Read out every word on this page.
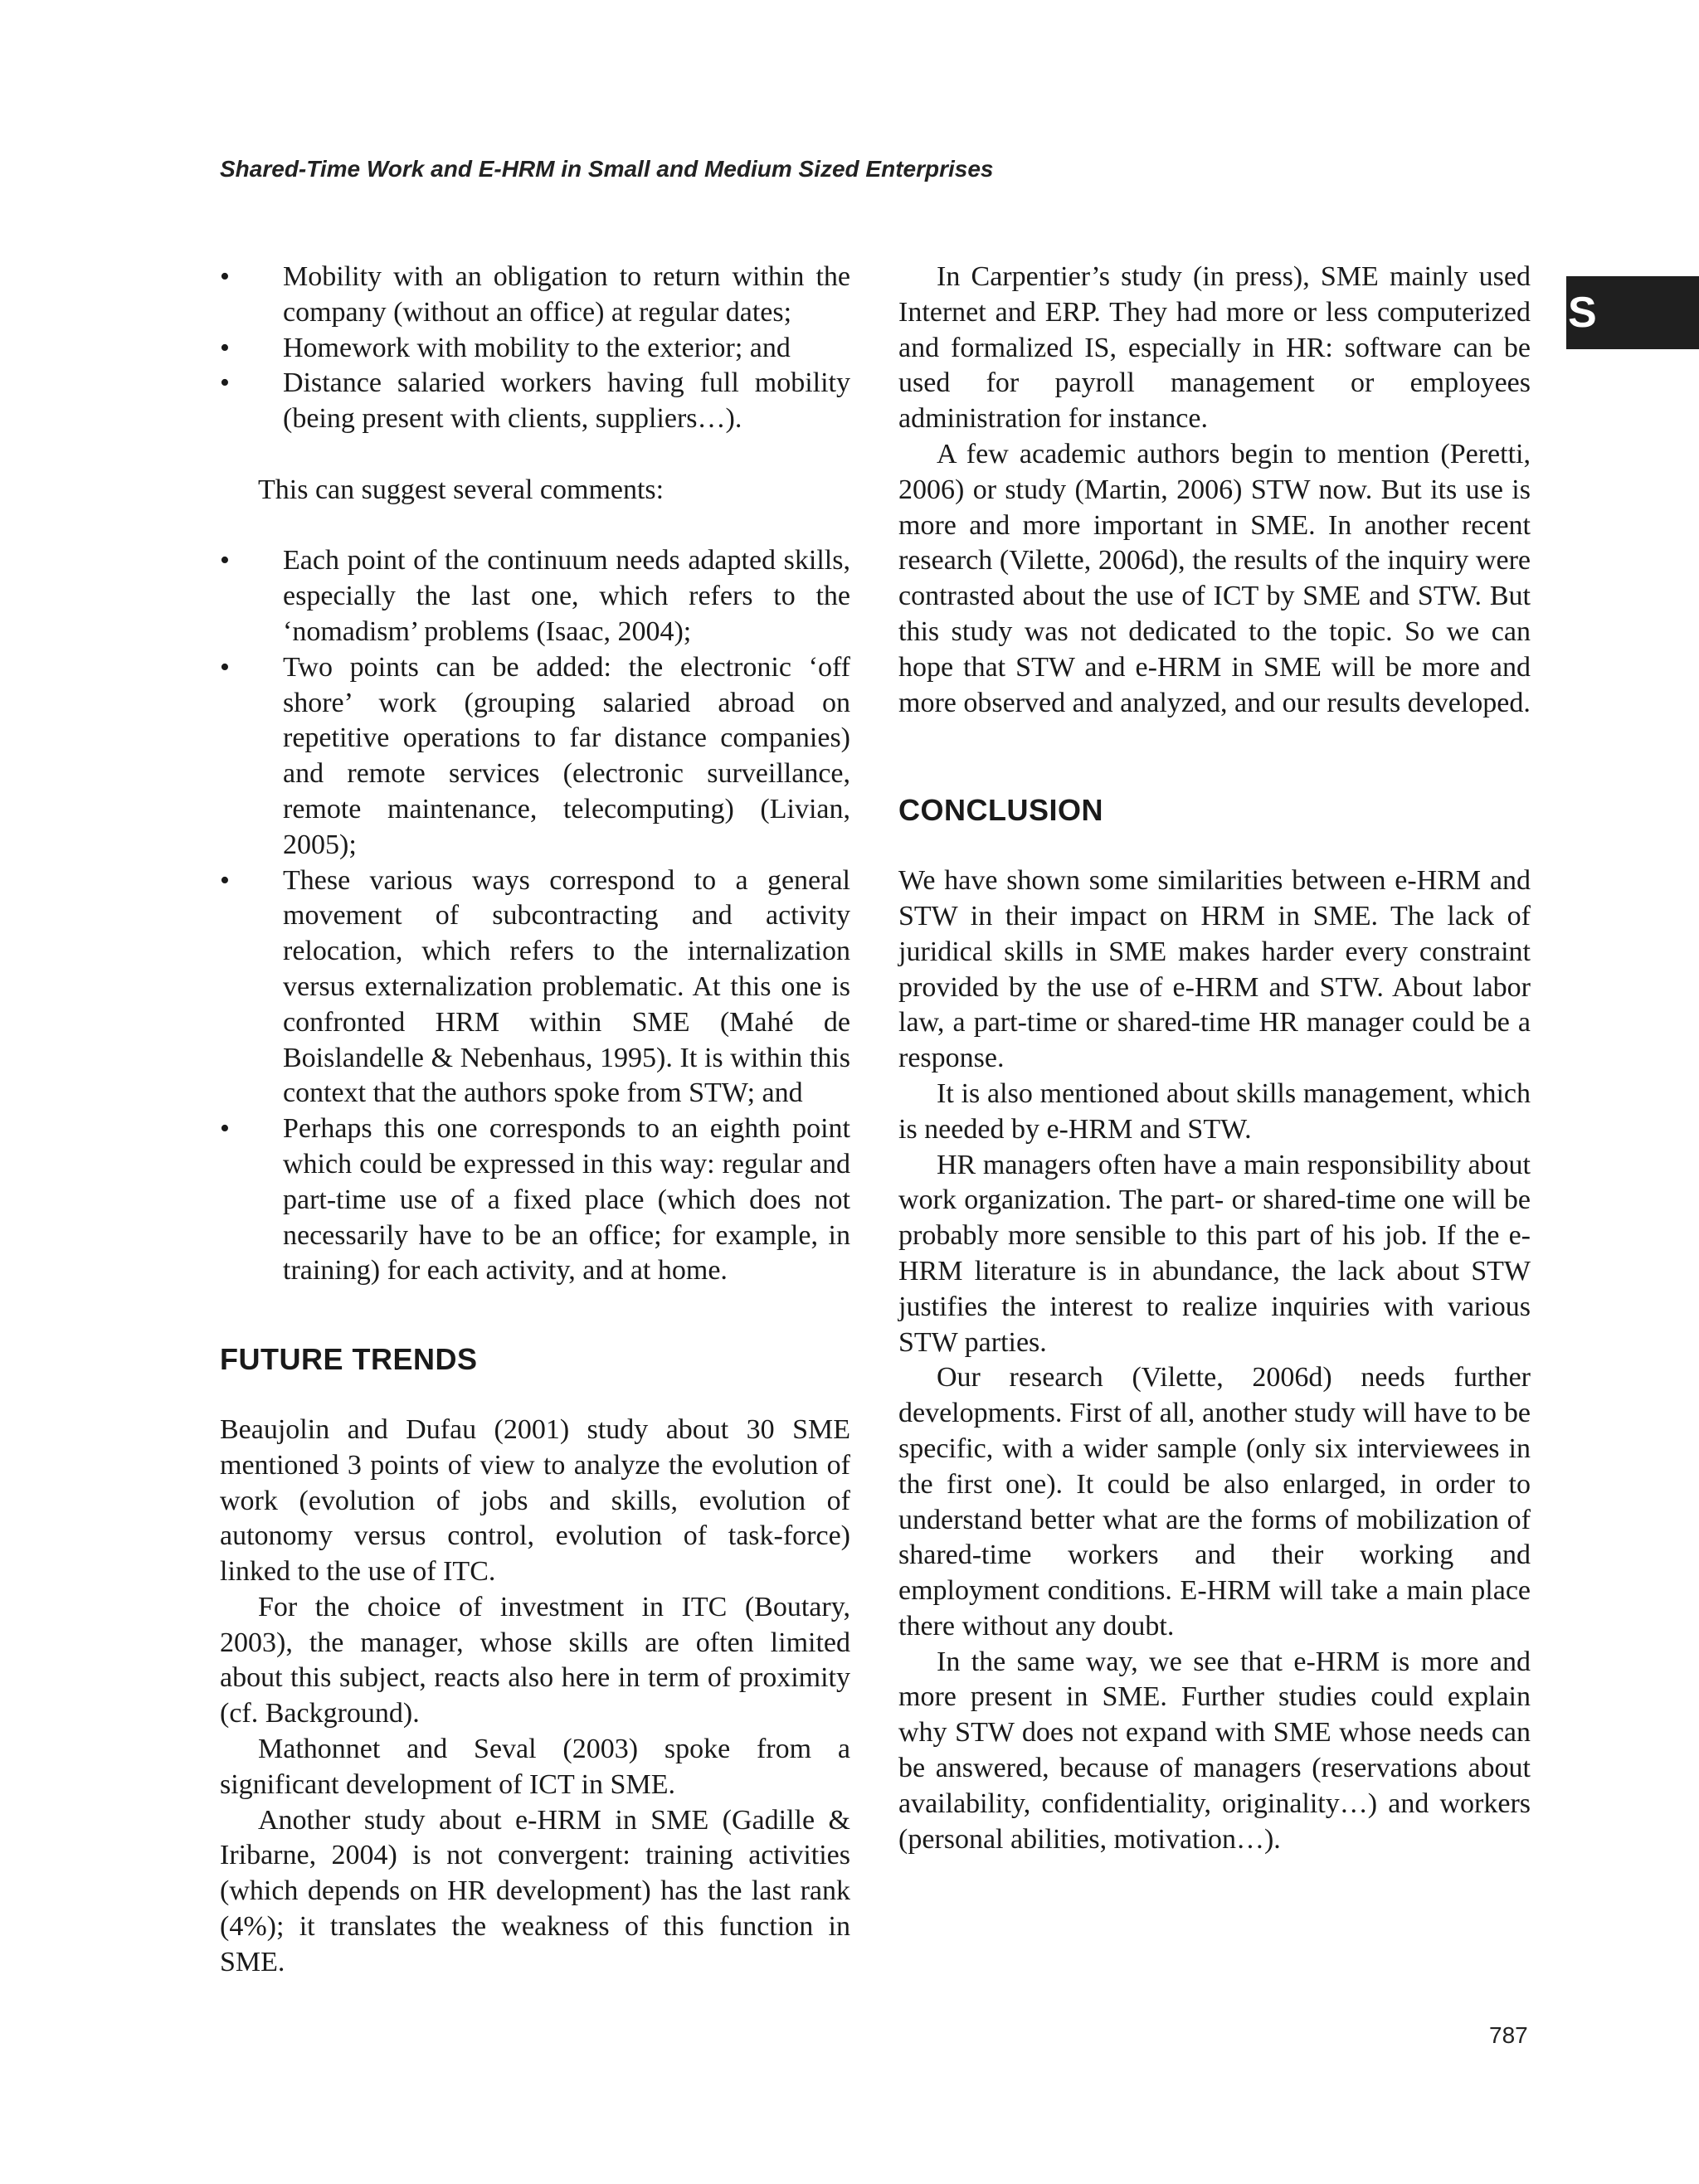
Shared-Time Work and E-HRM in Small and Medium Sized Enterprises
S
• Mobility with an obligation to return within the company (without an office) at regular dates;
• Homework with mobility to the exterior; and
• Distance salaried workers having full mobility (being present with clients, suppliers…).

This can suggest several comments:

• Each point of the continuum needs adapted skills, especially the last one, which refers to the ‘nomadism’ problems (Isaac, 2004);
• Two points can be added: the electronic ‘off shore’ work (grouping salaried abroad on repetitive operations to far distance companies) and remote services (electronic surveillance, remote maintenance, telecomputing) (Livian, 2005);
• These various ways correspond to a general movement of subcontracting and activity relocation, which refers to the internalization versus externalization problematic. At this one is confronted HRM within SME (Mahé de Boislandelle & Nebenhaus, 1995). It is within this context that the authors spoke from STW; and
• Perhaps this one corresponds to an eighth point which could be expressed in this way: regular and part-time use of a fixed place (which does not necessarily have to be an office; for example, in training) for each activity, and at home.
FUTURE TRENDS

Beaujolin and Dufau (2001) study about 30 SME mentioned 3 points of view to analyze the evolution of work (evolution of jobs and skills, evolution of autonomy versus control, evolution of task-force) linked to the use of ITC.

For the choice of investment in ITC (Boutary, 2003), the manager, whose skills are often limited about this subject, reacts also here in term of proximity (cf. Background).

Mathonnet and Seval (2003) spoke from a significant development of ICT in SME.

Another study about e-HRM in SME (Gadille & Iribarne, 2004) is not convergent: training activities (which depends on HR development) has the last rank (4%); it translates the weakness of this function in SME.

In Carpentier’s study (in press), SME mainly used Internet and ERP. They had more or less computerized and formalized IS, especially in HR: software can be used for payroll management or employees administration for instance.

A few academic authors begin to mention (Peretti, 2006) or study (Martin, 2006) STW now. But its use is more and more important in SME. In another recent research (Vilette, 2006d), the results of the inquiry were contrasted about the use of ICT by SME and STW. But this study was not dedicated to the topic. So we can hope that STW and e-HRM in SME will be more and more observed and analyzed, and our results developed.

CONCLUSION

We have shown some similarities between e-HRM and STW in their impact on HRM in SME. The lack of juridical skills in SME makes harder every constraint provided by the use of e-HRM and STW. About labor law, a part-time or shared-time HR manager could be a response.

It is also mentioned about skills management, which is needed by e-HRM and STW.

HR managers often have a main responsibility about work organization. The part- or shared-time one will be probably more sensible to this part of his job. If the e-HRM literature is in abundance, the lack about STW justifies the interest to realize inquiries with various STW parties.

Our research (Vilette, 2006d) needs further developments. First of all, another study will have to be specific, with a wider sample (only six interviewees in the first one). It could be also enlarged, in order to understand better what are the forms of mobilization of shared-time workers and their working and employment conditions. E-HRM will take a main place there without any doubt.

In the same way, we see that e-HRM is more and more present in SME. Further studies could explain why STW does not expand with SME whose needs can be answered, because of managers (reservations about availability, confidentiality, originality…) and workers (personal abilities, motivation…).

787
